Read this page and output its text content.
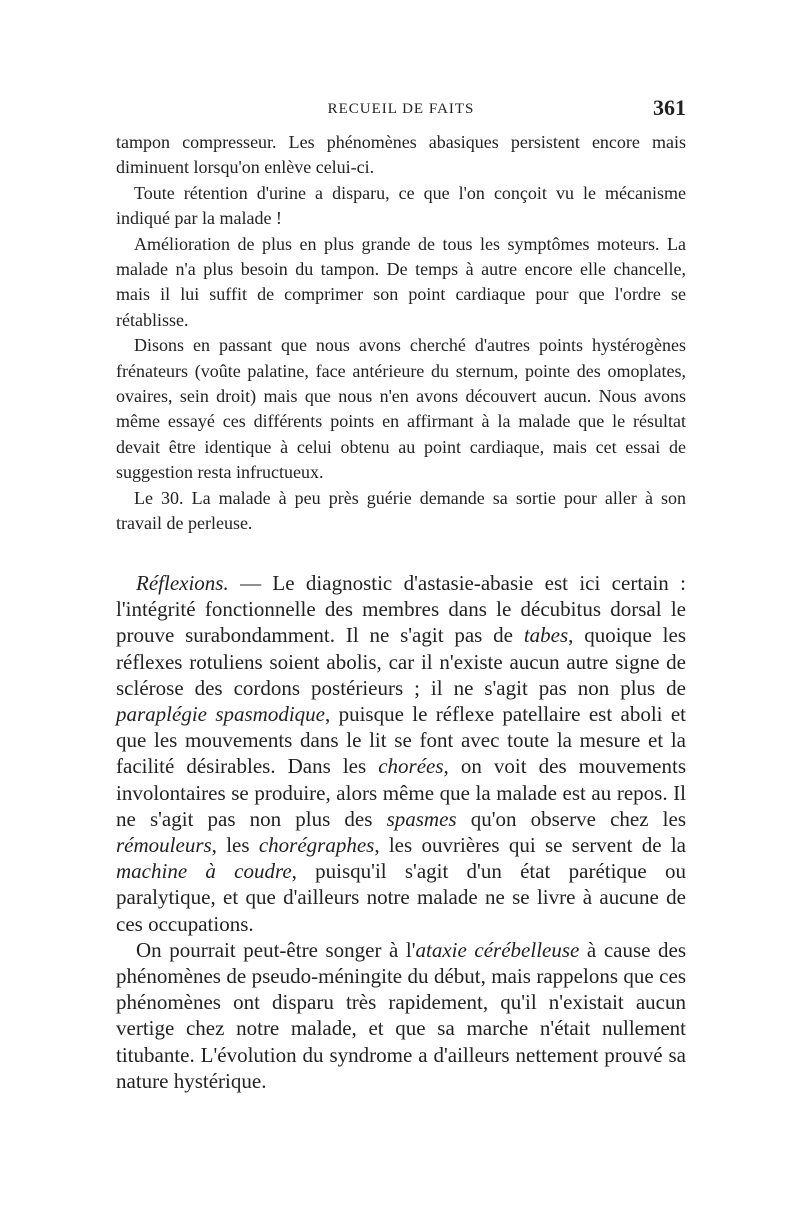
RECUEIL DE FAITS	361

tampon compresseur. Les phénomènes abasiques persistent encore mais diminuent lorsqu'on enlève celui-ci.

Toute rétention d'urine a disparu, ce que l'on conçoit vu le mécanisme indiqué par la malade !

Amélioration de plus en plus grande de tous les symptômes moteurs. La malade n'a plus besoin du tampon. De temps à autre encore elle chancelle, mais il lui suffit de comprimer son point cardiaque pour que l'ordre se rétablisse.

Disons en passant que nous avons cherché d'autres points hystérogènes frénateurs (voûte palatine, face antérieure du sternum, pointe des omoplates, ovaires, sein droit) mais que nous n'en avons découvert aucun. Nous avons même essayé ces différents points en affirmant à la malade que le résultat devait être identique à celui obtenu au point cardiaque, mais cet essai de suggestion resta infructueux.

Le 30. La malade à peu près guérie demande sa sortie pour aller à son travail de perleuse.

Réflexions. — Le diagnostic d'astasie-abasie est ici certain : l'intégrité fonctionnelle des membres dans le décubitus dorsal le prouve surabondamment. Il ne s'agit pas de tabes, quoique les réflexes rotuliens soient abolis, car il n'existe aucun autre signe de sclérose des cordons postérieurs ; il ne s'agit pas non plus de paraplégie spasmodique, puisque le réflexe patellaire est aboli et que les mouvements dans le lit se font avec toute la mesure et la facilité désirables. Dans les chorées, on voit des mouvements involontaires se produire, alors même que la malade est au repos. Il ne s'agit pas non plus des spasmes qu'on observe chez les rémouleurs, les chorégraphes, les ouvrières qui se servent de la machine à coudre, puisqu'il s'agit d'un état parétique ou paralytique, et que d'ailleurs notre malade ne se livre à aucune de ces occupations.

On pourrait peut-être songer à l'ataxie cérébelleuse à cause des phénomènes de pseudo-méningite du début, mais rappelons que ces phénomènes ont disparu très rapidement, qu'il n'existait aucun vertige chez notre malade, et que sa marche n'était nullement titubante. L'évolution du syndrome a d'ailleurs nettement prouvé sa nature hystérique.
